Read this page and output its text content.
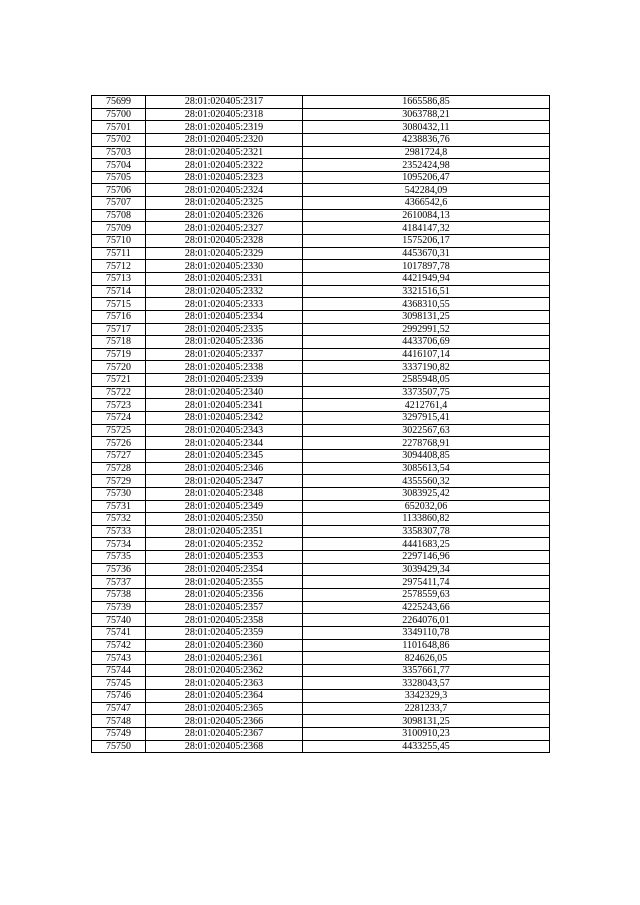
75699	28:01:020405:2317	1665586,85
75700	28:01:020405:2318	3063788,21
75701	28:01:020405:2319	3080432,11
75702	28:01:020405:2320	4238836,76
75703	28:01:020405:2321	2981724,8
75704	28:01:020405:2322	2352424,98
75705	28:01:020405:2323	1095206,47
75706	28:01:020405:2324	542284,09
75707	28:01:020405:2325	4366542,6
75708	28:01:020405:2326	2610084,13
75709	28:01:020405:2327	4184147,32
75710	28:01:020405:2328	1575206,17
75711	28:01:020405:2329	4453670,31
75712	28:01:020405:2330	1017897,78
75713	28:01:020405:2331	4421949,94
75714	28:01:020405:2332	3321516,51
75715	28:01:020405:2333	4368310,55
75716	28:01:020405:2334	3098131,25
75717	28:01:020405:2335	2992991,52
75718	28:01:020405:2336	4433706,69
75719	28:01:020405:2337	4416107,14
75720	28:01:020405:2338	3337190,82
75721	28:01:020405:2339	2585948,05
75722	28:01:020405:2340	3373507,75
75723	28:01:020405:2341	4212761,4
75724	28:01:020405:2342	3297915,41
75725	28:01:020405:2343	3022567,63
75726	28:01:020405:2344	2278768,91
75727	28:01:020405:2345	3094408,85
75728	28:01:020405:2346	3085613,54
75729	28:01:020405:2347	4355560,32
75730	28:01:020405:2348	3083925,42
75731	28:01:020405:2349	652032,06
75732	28:01:020405:2350	1133860,82
75733	28:01:020405:2351	3358307,78
75734	28:01:020405:2352	4441683,25
75735	28:01:020405:2353	2297146,96
75736	28:01:020405:2354	3039429,34
75737	28:01:020405:2355	2975411,74
75738	28:01:020405:2356	2578559,63
75739	28:01:020405:2357	4225243,66
75740	28:01:020405:2358	2264076,01
75741	28:01:020405:2359	3349110,78
75742	28:01:020405:2360	1101648,86
75743	28:01:020405:2361	824626,05
75744	28:01:020405:2362	3357661,77
75745	28:01:020405:2363	3328043,57
75746	28:01:020405:2364	3342329,3
75747	28:01:020405:2365	2281233,7
75748	28:01:020405:2366	3098131,25
75749	28:01:020405:2367	3100910,23
75750	28:01:020405:2368	4433255,45
